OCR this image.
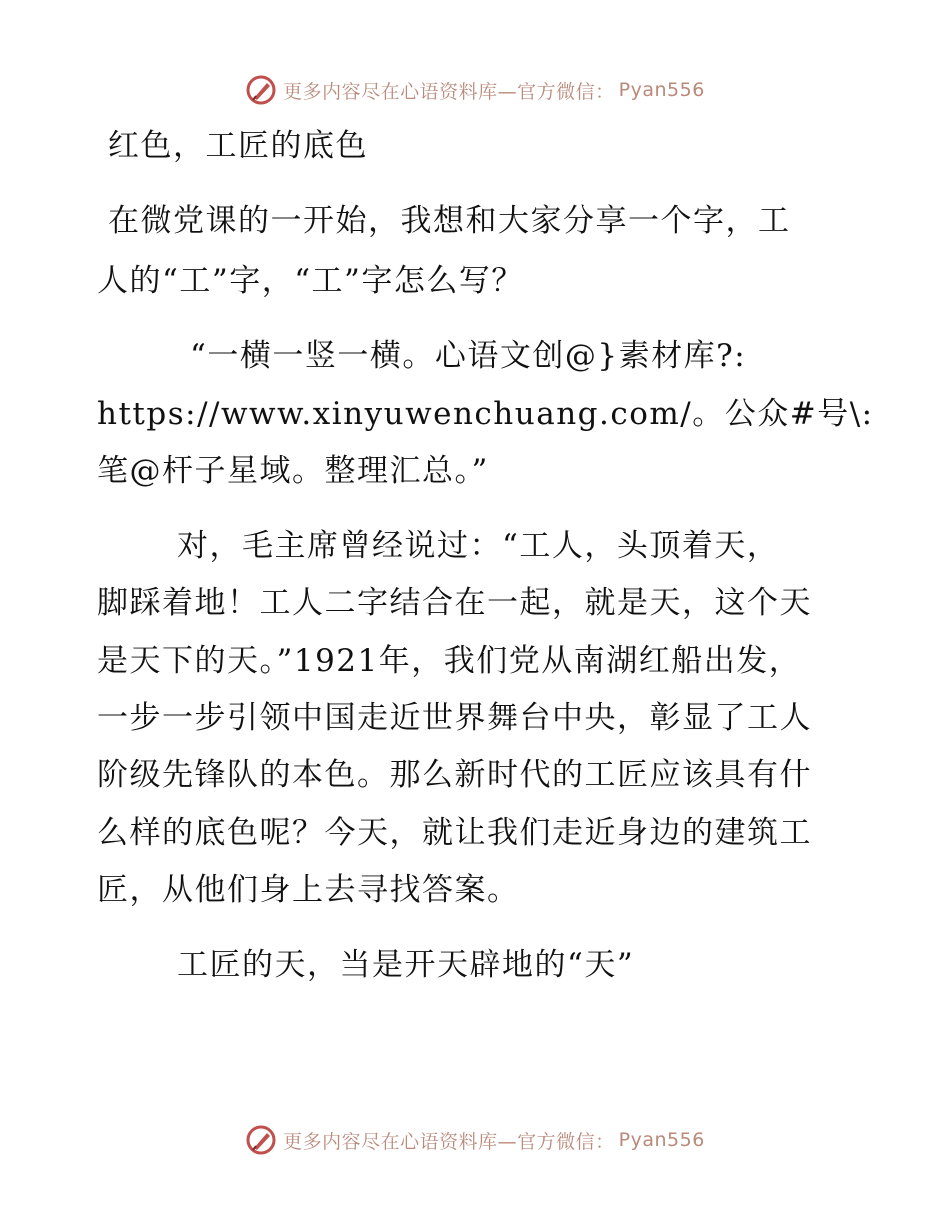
更多内容尽在心语资料库—官方微信： Pyan556
红色，工匠的底色
在微党课的一开始，我想和大家分享一个字，工
人的“工”字，“工”字怎么写？
“一横一竖一横。心语文创@}素材库?:
https://www.xinyuwenchuang.com/。公众#号\:
笔@杆子星域。整理汇总。”
对，毛主席曾经说过：“工人，头顶着天，
脚踩着地！工人二字结合在一起，就是天，这个天
是天下的天。”1921年，我们党从南湖红船出发，
一步一步引领中国走近世界舞台中央，彰显了工人
阶级先锋队的本色。那么新时代的工匠应该具有什
么样的底色呢？今天，就让我们走近身边的建筑工
匠，从他们身上去寻找答案。
工匠的天，当是开天辟地的“天”
更多内容尽在心语资料库—官方微信： Pyan556
